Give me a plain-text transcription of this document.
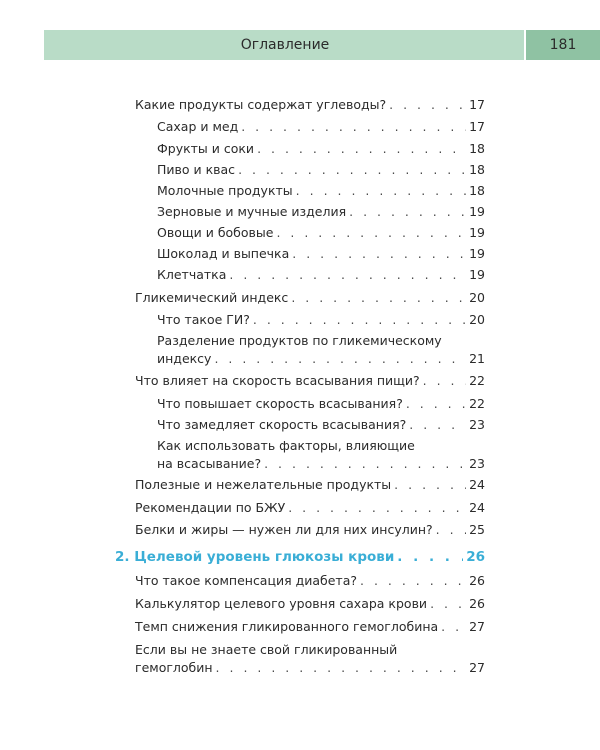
Оглавление	181
Какие продукты содержат углеводы? . . .	17
Сахар и мед . . .	17
Фрукты и соки . . .	18
Пиво и квас . . .	18
Молочные продукты . . .	18
Зерновые и мучные изделия . . .	19
Овощи и бобовые . . .	19
Шоколад и выпечка . . .	19
Клетчатка . . .	19
Гликемический индекс . . .	20
Что такое ГИ? . . .	20
Разделение продуктов по гликемическому
индексу . . .	21
Что влияет на скорость всасывания пищи? . . .	22
Что повышает скорость всасывания? . . .	22
Что замедляет скорость всасывания? . . .	23
Как использовать факторы, влияющие
на всасывание? . . .	23
Полезные и нежелательные продукты . . .	24
Рекомендации по БЖУ . . .	24
Белки и жиры — нужен ли для них инсулин? . . .	25
2. Целевой уровень глюкозы крови . . .	26
Что такое компенсация диабета? . . .	26
Калькулятор целевого уровня сахара крови . . .	26
Темп снижения гликированного гемоглобина . . . 27
Если вы не знаете свой гликированный
гемоглобин . . .	27
